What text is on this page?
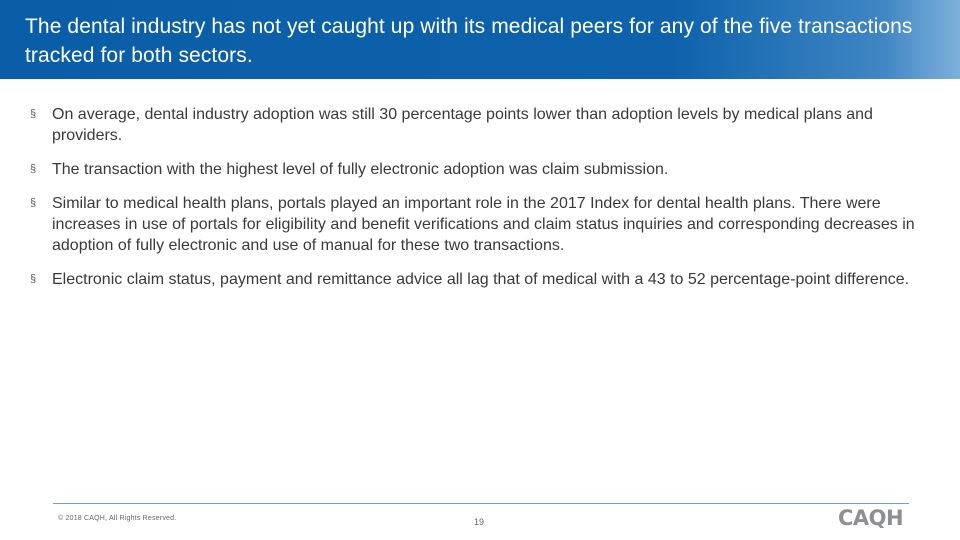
The dental industry has not yet caught up with its medical peers for any of the five transactions tracked for both sectors.
§ On average, dental industry adoption was still 30 percentage points lower than adoption levels by medical plans and providers.
§ The transaction with the highest level of fully electronic adoption was claim submission.
§ Similar to medical health plans, portals played an important role in the 2017 Index for dental health plans. There were increases in use of portals for eligibility and benefit verifications and claim status inquiries and corresponding decreases in adoption of fully electronic and use of manual for these two transactions.
§ Electronic claim status, payment and remittance advice all lag that of medical with a 43 to 52 percentage-point difference.
© 2018 CAQH, All Rights Reserved.	19	CAQH
